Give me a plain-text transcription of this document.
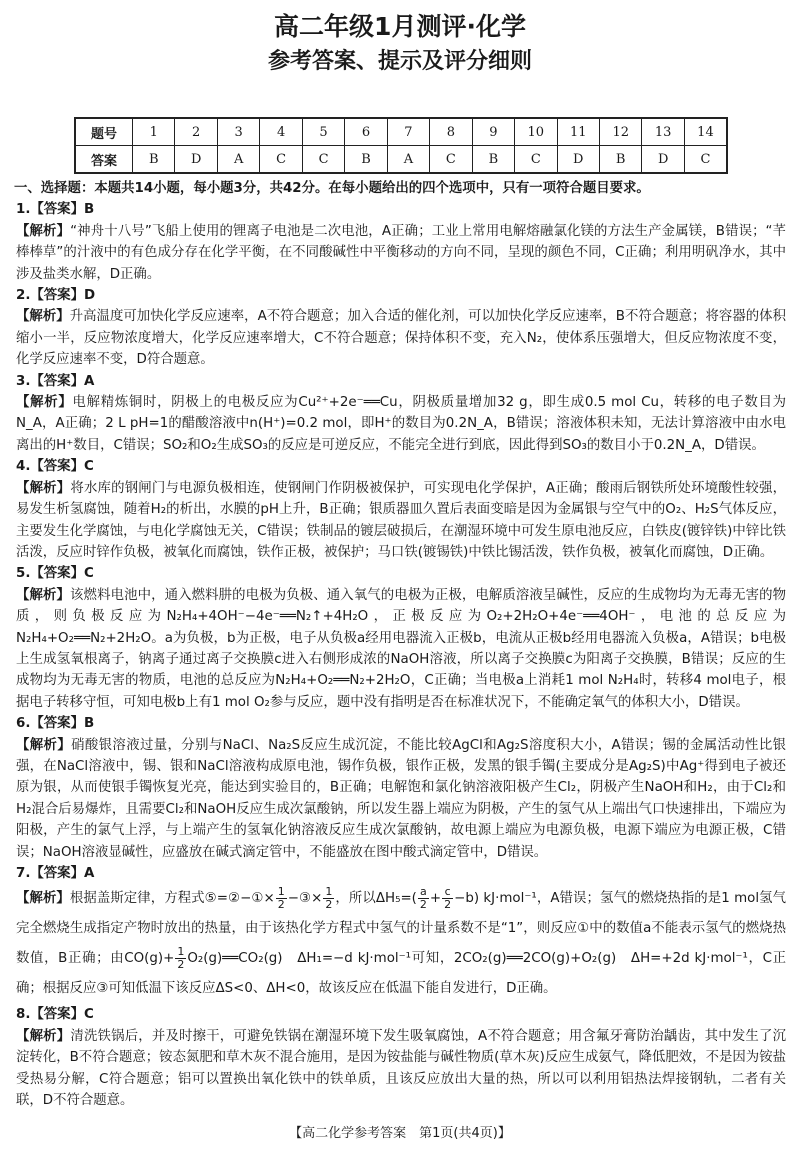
高二年级1月测评·化学
参考答案、提示及评分细则
题号	1	2	3	4	5	6	7	8	9	10	11	12	13	14
答案	B	D	A	C	C	B	A	C	B	C	D	B	D	C
一、选择题：本题共14小题，每小题3分，共42分。在每小题给出的四个选项中，只有一项符合题目要求。
1.【答案】B
【解析】“神舟十八号”飞船上使用的锂离子电池是二次电池，A正确；工业上常用电解熔融氯化镁的方法生产金属镁，B错误；“芊棒棒草”的汁液中的有色成分存在化学平衡，在不同酸碱性中平衡移动的方向不同，呈现的颜色不同，C正确；利用明矾净水，其中涉及盐类水解，D正确。
2.【答案】D
【解析】升高温度可加快化学反应速率，A不符合题意；加入合适的催化剂，可以加快化学反应速率，B不符合题意；将容器的体积缩小一半，反应物浓度增大，化学反应速率增大，C不符合题意；保持体积不变，充入N₂，使体系压强增大，但反应物浓度不变，化学反应速率不变，D符合题意。
3.【答案】A
【解析】电解精炼铜时，阴极上的电极反应为Cu²⁺+2e⁻══Cu，阴极质量增加32 g，即生成0.5 mol Cu，转移的电子数目为N_A，A正确；2 L pH=1的醋酸溶液中n(H⁺)=0.2 mol，即H⁺的数目为0.2N_A，B错误；溶液体积未知，无法计算溶液中由水电离出的H⁺数目，C错误；SO₂和O₂生成SO₃的反应是可逆反应，不能完全进行到底，因此得到SO₃的数目小于0.2N_A，D错误。
4.【答案】C
【解析】将水库的钢闸门与电源负极相连，使钢闸门作阴极被保护，可实现电化学保护，A正确；酸雨后钢铁所处环境酸性较强，易发生析氢腐蚀，随着H₂的析出，水膜的pH上升，B正确；银质器皿久置后表面变暗是因为金属银与空气中的O₂、H₂S气体反应，主要发生化学腐蚀，与电化学腐蚀无关，C错误；铁制品的镀层破损后，在潮湿环境中可发生原电池反应，白铁皮(镀锌铁)中锌比铁活泼，反应时锌作负极，被氧化而腐蚀，铁作正极，被保护；马口铁(镀锡铁)中铁比锡活泼，铁作负极，被氧化而腐蚀，D正确。
5.【答案】C
【解析】该燃料电池中，通入燃料肼的电极为负极、通入氧气的电极为正极，电解质溶液呈碱性，反应的生成物均为无毒无害的物质，则负极反应为N₂H₄+4OH⁻−4e⁻══N₂↑+4H₂O，正极反应为O₂+2H₂O+4e⁻══4OH⁻，电池的总反应为N₂H₄+O₂══N₂+2H₂O。a为负极，b为正极，电子从负极a经用电器流入正极b，电流从正极b经用电器流入负极a，A错误；b电极上生成氢氧根离子，钠离子通过离子交换膜c进入右侧形成浓的NaOH溶液，所以离子交换膜c为阳离子交换膜，B错误；反应的生成物均为无毒无害的物质，电池的总反应为N₂H₄+O₂══N₂+2H₂O，C正确；当电极a上消耗1 mol N₂H₄时，转移4 mol电子，根据电子转移守恒，可知电极b上有1 mol O₂参与反应，题中没有指明是否在标准状况下，不能确定氧气的体积大小，D错误。
6.【答案】B
【解析】硝酸银溶液过量，分别与NaCl、Na₂S反应生成沉淀，不能比较AgCl和Ag₂S溶度积大小，A错误；锡的金属活动性比银强，在NaCl溶液中，锡、银和NaCl溶液构成原电池，锡作负极，银作正极，发黑的银手镯(主要成分是Ag₂S)中Ag⁺得到电子被还原为银，从而使银手镯恢复光亮，能达到实验目的，B正确；电解饱和氯化钠溶液阳极产生Cl₂，阴极产生NaOH和H₂，由于Cl₂和H₂混合后易爆炸，且需要Cl₂和NaOH反应生成次氯酸钠，所以发生器上端应为阴极，产生的氢气从上端出气口快速排出，下端应为阳极，产生的氯气上浮，与上端产生的氢氧化钠溶液反应生成次氯酸钠，故电源上端应为电源负极，电源下端应为电源正极，C错误；NaOH溶液显碱性，应盛放在碱式滴定管中，不能盛放在图中酸式滴定管中，D错误。
7.【答案】A
【解析】根据盖斯定律，方程式⑤=②−①× $\frac{1}{2}$ −③× $\frac{1}{2}$ ，所以$\Delta H_5=( \frac{a}{2} + \frac{c}{2} -b)$ kJ·mol⁻¹，A错误；氢气的燃烧热指的是1 mol氢气完全燃烧生成指定产物时放出的热量，由于该热化学方程式中氢气的计量系数不是“1”，则反应①中的数值a不能表示氢气的燃烧热数值，B正确；由$CO(g)+ \frac{1}{2}$ O₂(g)══CO₂(g)　ΔH₁=−d kJ·mol⁻¹可知，2CO₂(g)══2CO(g)+O₂(g)　ΔH=+2d kJ·mol⁻¹，C正确；根据反应③可知低温下该反应ΔS<0、ΔH<0，故该反应在低温下能自发进行，D正确。
8.【答案】C
【解析】清洗铁锅后，并及时擦干，可避免铁锅在潮湿环境下发生吸氧腐蚀，A不符合题意；用含氟牙膏防治龋齿，其中发生了沉淀转化，B不符合题意；铵态氮肥和草木灰不混合施用，是因为铵盐能与碱性物质(草木灰)反应生成氨气，降低肥效，不是因为铵盐受热易分解，C符合题意；铝可以置换出氧化铁中的铁单质，且该反应放出大量的热，所以可以利用铝热法焊接钢轨，二者有关联，D不符合题意。
【高二化学参考答案　第1页(共4页)】
